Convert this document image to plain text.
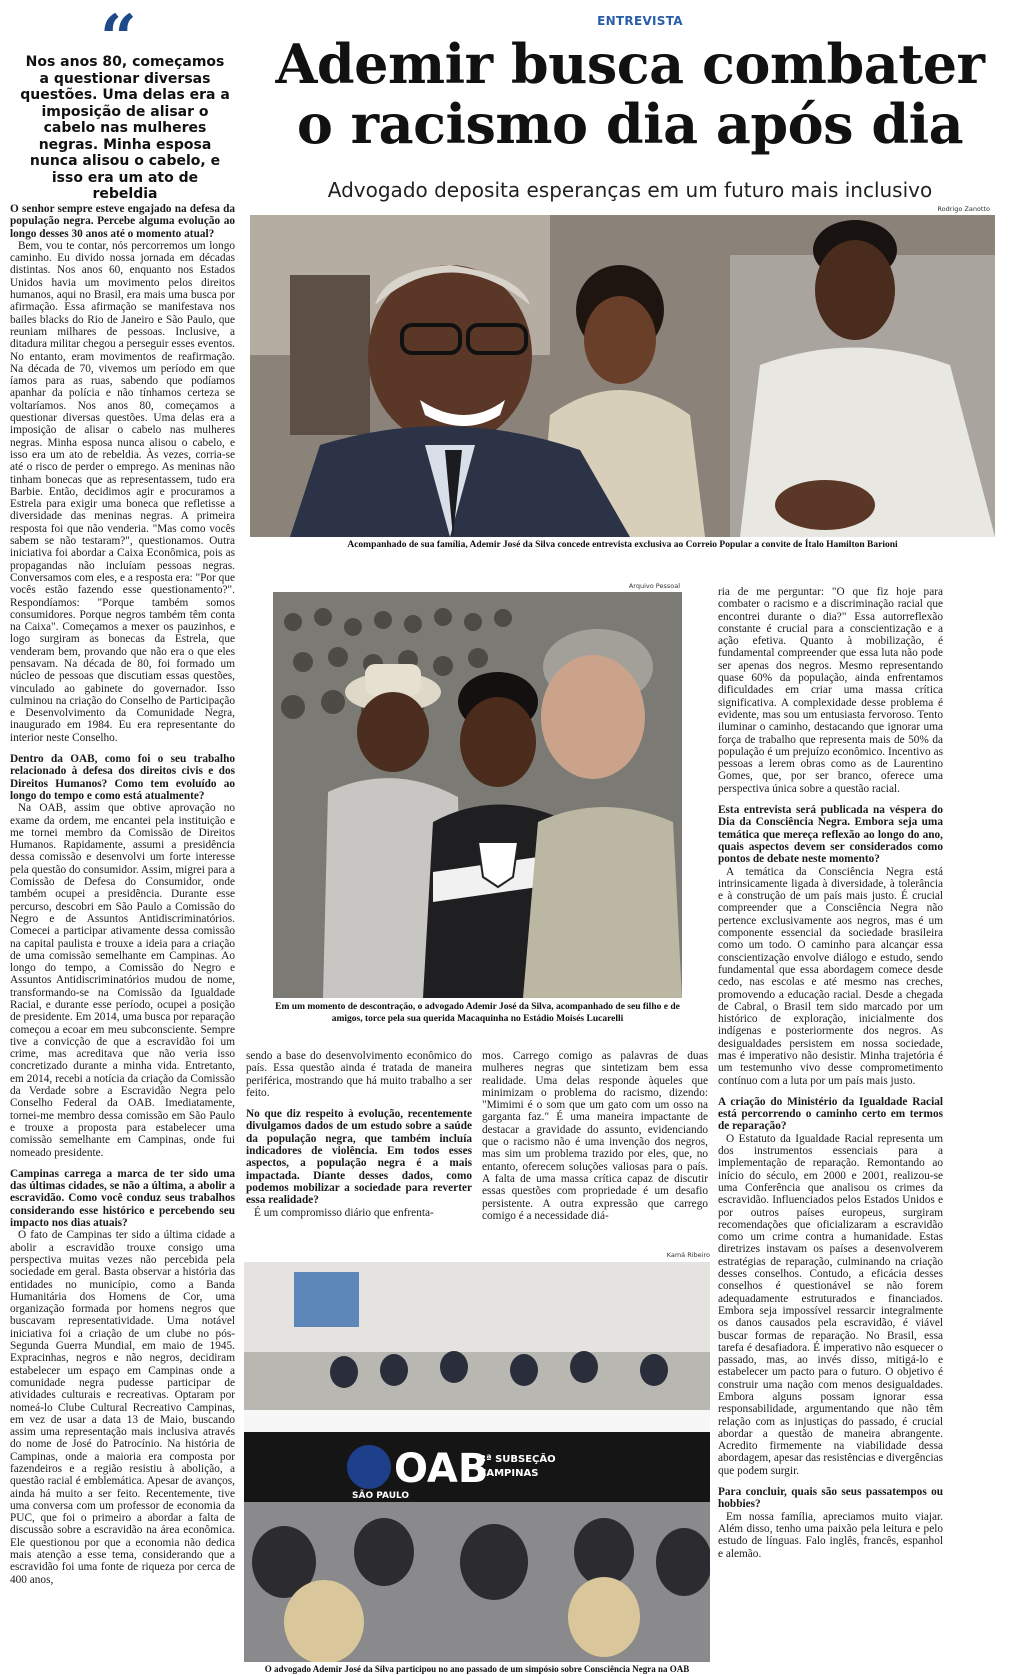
“
Nos anos 80, começamos a questionar diversas questões. Uma delas era a imposição de alisar o cabelo nas mulheres negras. Minha esposa nunca alisou o cabelo, e isso era um ato de rebeldia
ENTREVISTA
Ademir busca combater o racismo dia após dia
Advogado deposita esperanças em um futuro mais inclusivo
Rodrigo Zanotto
Acompanhado de sua família, Ademir José da Silva concede entrevista exclusiva ao Correio Popular a convite de Ítalo Hamilton Barioni
Arquivo Pessoal
Em um momento de descontração, o advogado Ademir José da Silva, acompanhado de seu filho e de amigos, torce pela sua querida Macaquinha no Estádio Moisés Lucarelli
Kamá Ribeiro
OAB
SÃO PAULO
3ª SUBSEÇÃO
CAMPINAS
O advogado Ademir José da Silva participou no ano passado de um simpósio sobre Consciência Negra na OAB

O senhor sempre esteve engajado na defesa da população negra. Percebe alguma evolução ao longo desses 30 anos até o momento atual?

Bem, vou te contar, nós percorremos um longo caminho. Eu divido nossa jornada em décadas distintas. Nos anos 60, enquanto nos Estados Unidos havia um movimento pelos direitos humanos, aqui no Brasil, era mais uma busca por afirmação. Essa afirmação se manifestava nos bailes blacks do Rio de Janeiro e São Paulo, que reuniam milhares de pessoas. Inclusive, a ditadura militar chegou a perseguir esses eventos. No entanto, eram movimentos de reafirmação. Na década de 70, vivemos um período em que íamos para as ruas, sabendo que podíamos apanhar da polícia e não tínhamos certeza se voltaríamos. Nos anos 80, começamos a questionar diversas questões. Uma delas era a imposição de alisar o cabelo nas mulheres negras. Minha esposa nunca alisou o cabelo, e isso era um ato de rebeldia. Às vezes, corria-se até o risco de perder o emprego. As meninas não tinham bonecas que as representassem, tudo era Barbie. Então, decidimos agir e procuramos a Estrela para exigir uma boneca que refletisse a diversidade das meninas negras. A primeira resposta foi que não venderia. "Mas como vocês sabem se não testaram?", questionamos. Outra iniciativa foi abordar a Caixa Econômica, pois as propagandas não incluíam pessoas negras. Conversamos com eles, e a resposta era: "Por que vocês estão fazendo esse questionamento?". Respondíamos: "Porque também somos consumidores. Porque negros também têm conta na Caixa". Começamos a mexer os pauzinhos, e logo surgiram as bonecas da Estrela, que venderam bem, provando que não era o que eles pensavam. Na década de 80, foi formado um núcleo de pessoas que discutiam essas questões, vinculado ao gabinete do governador. Isso culminou na criação do Conselho de Participação e Desenvolvimento da Comunidade Negra, inaugurado em 1984. Eu era representante do interior neste Conselho.

Dentro da OAB, como foi o seu trabalho relacionado à defesa dos direitos civis e dos Direitos Humanos? Como tem evoluído ao longo do tempo e como está atualmente?

Na OAB, assim que obtive aprovação no exame da ordem, me encantei pela instituição e me tornei membro da Comissão de Direitos Humanos. Rapidamente, assumi a presidência dessa comissão e desenvolvi um forte interesse pela questão do consumidor. Assim, migrei para a Comissão de Defesa do Consumidor, onde também ocupei a presidência. Durante esse percurso, descobri em São Paulo a Comissão do Negro e de Assuntos Antidiscriminatórios. Comecei a participar ativamente dessa comissão na capital paulista e trouxe a ideia para a criação de uma comissão semelhante em Campinas. Ao longo do tempo, a Comissão do Negro e Assuntos Antidiscriminatórios mudou de nome, transformando-se na Comissão da Igualdade Racial, e durante esse período, ocupei a posição de presidente. Em 2014, uma busca por reparação começou a ecoar em meu subconsciente. Sempre tive a convicção de que a escravidão foi um crime, mas acreditava que não veria isso concretizado durante a minha vida. Entretanto, em 2014, recebi a notícia da criação da Comissão da Verdade sobre a Escravidão Negra pelo Conselho Federal da OAB. Imediatamente, tornei-me membro dessa comissão em São Paulo e trouxe a proposta para estabelecer uma comissão semelhante em Campinas, onde fui nomeado presidente.

Campinas carrega a marca de ter sido uma das últimas cidades, se não a última, a abolir a escravidão. Como você conduz seus trabalhos considerando esse histórico e percebendo seu impacto nos dias atuais?

O fato de Campinas ter sido a última cidade a abolir a escravidão trouxe consigo uma perspectiva muitas vezes não percebida pela sociedade em geral. Basta observar a história das entidades no município, como a Banda Humanitária dos Homens de Cor, uma organização formada por homens negros que buscavam representatividade. Uma notável iniciativa foi a criação de um clube no pós-Segunda Guerra Mundial, em maio de 1945. Expracinhas, negros e não negros, decidiram estabelecer um espaço em Campinas onde a comunidade negra pudesse participar de atividades culturais e recreativas. Optaram por nomeá-lo Clube Cultural Recreativo Campinas, em vez de usar a data 13 de Maio, buscando assim uma representação mais inclusiva através do nome de José do Patrocínio. Na história de Campinas, onde a maioria era composta por fazendeiros e a região resistiu à abolição, a questão racial é emblemática. Apesar de avanços, ainda há muito a ser feito. Recentemente, tive uma conversa com um professor de economia da PUC, que foi o primeiro a abordar a falta de discussão sobre a escravidão na área econômica. Ele questionou por que a economia não dedica mais atenção a esse tema, considerando que a escravidão foi uma fonte de riqueza por cerca de 400 anos,

sendo a base do desenvolvimento econômico do país. Essa questão ainda é tratada de maneira periférica, mostrando que há muito trabalho a ser feito.

No que diz respeito à evolução, recentemente divulgamos dados de um estudo sobre a saúde da população negra, que também incluía indicadores de violência. Em todos esses aspectos, a população negra é a mais impactada. Diante desses dados, como podemos mobilizar a sociedade para reverter essa realidade?

É um compromisso diário que enfrenta-

mos. Carrego comigo as palavras de duas mulheres negras que sintetizam bem essa realidade. Uma delas responde àqueles que minimizam o problema do racismo, dizendo: "Mimimi é o som que um gato com um osso na garganta faz." É uma maneira impactante de destacar a gravidade do assunto, evidenciando que o racismo não é uma invenção dos negros, mas sim um problema trazido por eles, que, no entanto, oferecem soluções valiosas para o país. A falta de uma massa crítica capaz de discutir essas questões com propriedade é um desafio persistente. A outra expressão que carrego comigo é a necessidade diá-

ria de me perguntar: "O que fiz hoje para combater o racismo e a discriminação racial que encontrei durante o dia?" Essa autorreflexão constante é crucial para a conscientização e a ação efetiva. Quanto à mobilização, é fundamental compreender que essa luta não pode ser apenas dos negros. Mesmo representando quase 60% da população, ainda enfrentamos dificuldades em criar uma massa crítica significativa. A complexidade desse problema é evidente, mas sou um entusiasta fervoroso. Tento iluminar o caminho, destacando que ignorar uma força de trabalho que representa mais de 50% da população é um prejuízo econômico. Incentivo as pessoas a lerem obras como as de Laurentino Gomes, que, por ser branco, oferece uma perspectiva única sobre a questão racial.

Esta entrevista será publicada na véspera do Dia da Consciência Negra. Embora seja uma temática que mereça reflexão ao longo do ano, quais aspectos devem ser considerados como pontos de debate neste momento?

A temática da Consciência Negra está intrinsicamente ligada à diversidade, à tolerância e à construção de um país mais justo. É crucial compreender que a Consciência Negra não pertence exclusivamente aos negros, mas é um componente essencial da sociedade brasileira como um todo. O caminho para alcançar essa conscientização envolve diálogo e estudo, sendo fundamental que essa abordagem comece desde cedo, nas escolas e até mesmo nas creches, promovendo a educação racial. Desde a chegada de Cabral, o Brasil tem sido marcado por um histórico de exploração, inicialmente dos indígenas e posteriormente dos negros. As desigualdades persistem em nossa sociedade, mas é imperativo não desistir. Minha trajetória é um testemunho vivo desse comprometimento contínuo com a luta por um país mais justo.

A criação do Ministério da Igualdade Racial está percorrendo o caminho certo em termos de reparação?

O Estatuto da Igualdade Racial representa um dos instrumentos essenciais para a implementação de reparação. Remontando ao início do século, em 2000 e 2001, realizou-se uma Conferência que analisou os crimes da escravidão. Influenciados pelos Estados Unidos e por outros países europeus, surgiram recomendações que oficializaram a escravidão como um crime contra a humanidade. Estas diretrizes instavam os países a desenvolverem estratégias de reparação, culminando na criação desses conselhos. Contudo, a eficácia desses conselhos é questionável se não forem adequadamente estruturados e financiados. Embora seja impossível ressarcir integralmente os danos causados pela escravidão, é viável buscar formas de reparação. No Brasil, essa tarefa é desafiadora. É imperativo não esquecer o passado, mas, ao invés disso, mitigá-lo e estabelecer um pacto para o futuro. O objetivo é construir uma nação com menos desigualdades. Embora alguns possam ignorar essa responsabilidade, argumentando que não têm relação com as injustiças do passado, é crucial abordar a questão de maneira abrangente. Acredito firmemente na viabilidade dessa abordagem, apesar das resistências e divergências que podem surgir.

Para concluir, quais são seus passatempos ou hobbies?

Em nossa família, apreciamos muito viajar. Além disso, tenho uma paixão pela leitura e pelo estudo de línguas. Falo inglês, francês, espanhol e alemão.
